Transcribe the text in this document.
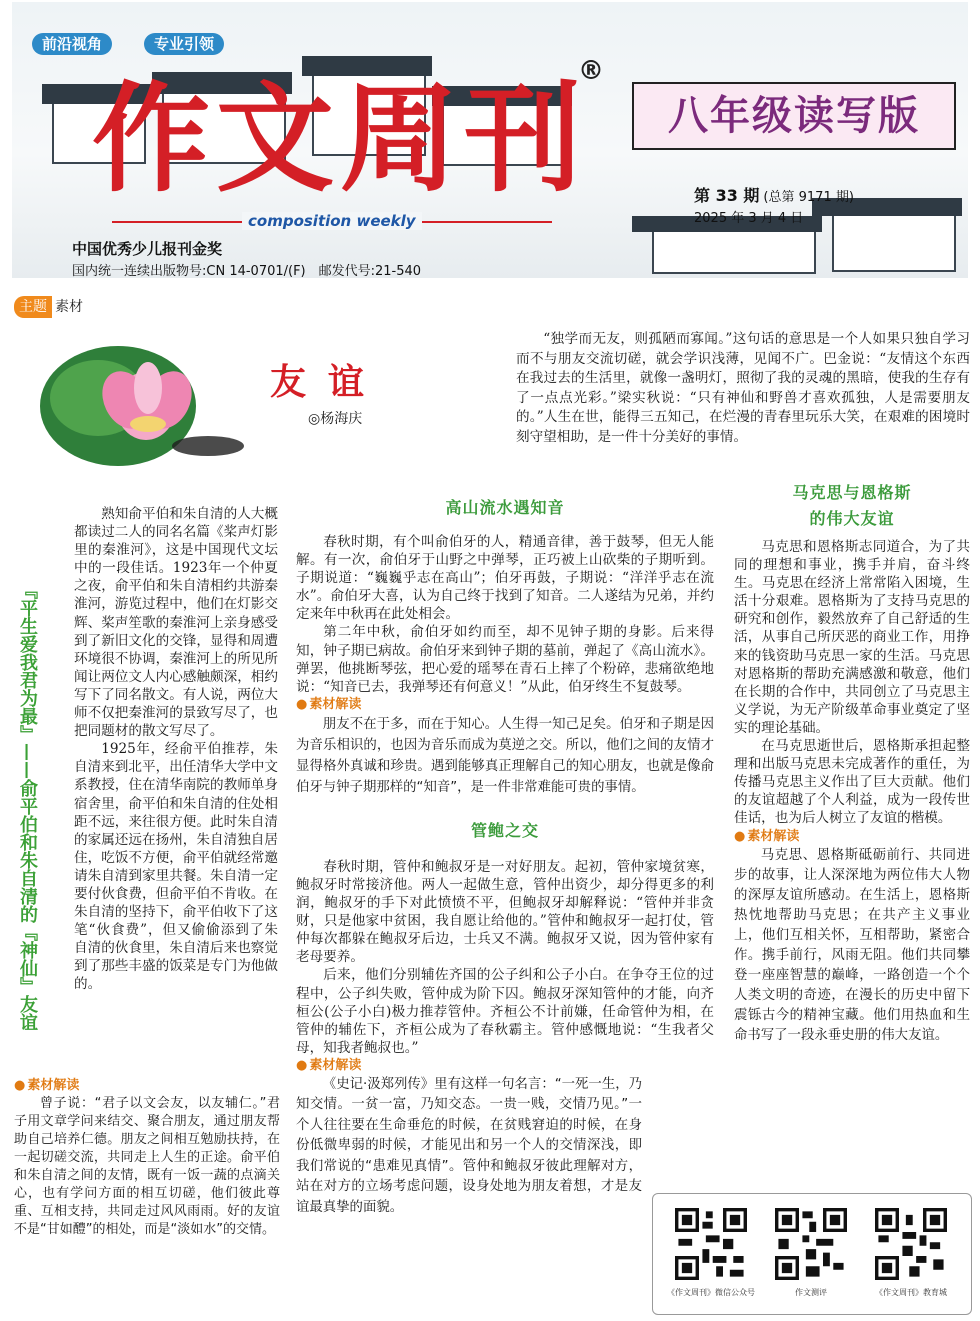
前沿视角	专业引领
作文周刊
®
composition weekly
八年级读写版
中国优秀少儿报刊金奖
国内统一连续出版物号:CN 14-0701/(F)　邮发代号:21-540
第 33 期 (总第 9171 期)
2025 年 3 月 4 日
主题 素材
友谊
◎杨海庆

“独学而无友，则孤陋而寡闻。”这句话的意思是一个人如果只独自学习而不与朋友交流切磋，就会学识浅薄，见闻不广。巴金说：“友情这个东西在我过去的生活里，就像一盏明灯，照彻了我的灵魂的黑暗，使我的生存有了一点点光彩。”梁实秋说：“只有神仙和野兽才喜欢孤独，人是需要朋友的。”人生在世，能得三五知己，在烂漫的青春里玩乐大笑，在艰难的困境时刻守望相助，是一件十分美好的事情。

『平生爱我君为最』——俞平伯和朱自清的『神仙』友谊

熟知俞平伯和朱自清的人大概都读过二人的同名名篇《桨声灯影里的秦淮河》，这是中国现代文坛中的一段佳话。1923年一个仲夏之夜，俞平伯和朱自清相约共游秦淮河，游览过程中，他们在灯影交辉、桨声笙歌的秦淮河上亲身感受到了新旧文化的交锋，显得和周遭环境很不协调，秦淮河上的所见所闻让两位文人内心感触颇深，相约写下了同名散文。有人说，两位大师不仅把秦淮河的景致写尽了，也把同题材的散文写尽了。

1925年，经俞平伯推荐，朱自清来到北平，出任清华大学中文系教授，住在清华南院的教师单身宿舍里，俞平伯和朱自清的住处相距不远，来往很方便。此时朱自清的家属还远在扬州，朱自清独自居住，吃饭不方便，俞平伯就经常邀请朱自清到家里共餐。朱自清一定要付伙食费，但俞平伯不肯收。在朱自清的坚持下，俞平伯收下了这笔“伙食费”，但又偷偷添到了朱自清的伙食里，朱自清后来也察觉到了那些丰盛的饭菜是专门为他做的。

● 素材解读

曾子说：“君子以文会友，以友辅仁。”君子用文章学问来结交、聚合朋友，通过朋友帮助自己培养仁德。朋友之间相互勉励扶持，在一起切磋交流，共同走上人生的正途。俞平伯和朱自清之间的友情，既有一饭一蔬的点滴关心，也有学问方面的相互切磋，他们彼此尊重、互相支持，共同走过风风雨雨。好的友谊不是“甘如醴”的相处，而是“淡如水”的交情。

高山流水遇知音

春秋时期，有个叫俞伯牙的人，精通音律，善于鼓琴，但无人能解。有一次，俞伯牙于山野之中弹琴，正巧被上山砍柴的子期听到。子期说道：“巍巍乎志在高山”；伯牙再鼓，子期说：“洋洋乎志在流水”。俞伯牙大喜，认为自己终于找到了知音。二人遂结为兄弟，并约定来年中秋再在此处相会。

第二年中秋，俞伯牙如约而至，却不见钟子期的身影。后来得知，钟子期已病故。俞伯牙来到钟子期的墓前，弹起了《高山流水》。弹罢，他挑断琴弦，把心爱的瑶琴在青石上摔了个粉碎，悲痛欲绝地说：“知音已去，我弹琴还有何意义！”从此，伯牙终生不复鼓琴。

● 素材解读

朋友不在于多，而在于知心。人生得一知己足矣。伯牙和子期是因为音乐相识的，也因为音乐而成为莫逆之交。所以，他们之间的友情才显得格外真诚和珍贵。遇到能够真正理解自己的知心朋友，也就是像俞伯牙与钟子期那样的“知音”，是一件非常难能可贵的事情。

管鲍之交

春秋时期，管仲和鲍叔牙是一对好朋友。起初，管仲家境贫寒，鲍叔牙时常接济他。两人一起做生意，管仲出资少，却分得更多的利润，鲍叔牙的手下对此愤愤不平，但鲍叔牙却解释说：“管仲并非贪财，只是他家中贫困，我自愿让给他的。”管仲和鲍叔牙一起打仗，管仲每次都躲在鲍叔牙后边，士兵又不满。鲍叔牙又说，因为管仲家有老母要养。

后来，他们分别辅佐齐国的公子纠和公子小白。在争夺王位的过程中，公子纠失败，管仲成为阶下囚。鲍叔牙深知管仲的才能，向齐桓公(公子小白)极力推荐管仲。齐桓公不计前嫌，任命管仲为相，在管仲的辅佐下，齐桓公成为了春秋霸主。管仲感慨地说：“生我者父母，知我者鲍叔也。”

● 素材解读

《史记·汲郑列传》里有这样一句名言：“一死一生，乃知交情。一贫一富，乃知交态。一贵一贱，交情乃见。”一个人往往要在生命垂危的时候，在贫贱窘迫的时候，在身份低微卑弱的时候，才能见出和另一个人的交情深浅，即我们常说的“患难见真情”。管仲和鲍叔牙彼此理解对方，站在对方的立场考虑问题，设身处地为朋友着想，才是友谊最真挚的面貌。

马克思与恩格斯
的伟大友谊

马克思和恩格斯志同道合，为了共同的理想和事业，携手并肩，奋斗终生。马克思在经济上常常陷入困境，生活十分艰难。恩格斯为了支持马克思的研究和创作，毅然放弃了自己舒适的生活，从事自己所厌恶的商业工作，用挣来的钱资助马克思一家的生活。马克思对恩格斯的帮助充满感激和敬意，他们在长期的合作中，共同创立了马克思主义学说，为无产阶级革命事业奠定了坚实的理论基础。

在马克思逝世后，恩格斯承担起整理和出版马克思未完成著作的重任，为传播马克思主义作出了巨大贡献。他们的友谊超越了个人利益，成为一段传世佳话，也为后人树立了友谊的楷模。

● 素材解读

马克思、恩格斯砥砺前行、共同进步的故事，让人深深地为两位伟大人物的深厚友谊所感动。在生活上，恩格斯热忱地帮助马克思；在共产主义事业上，他们互相关怀，互相帮助，紧密合作。携手前行，风雨无阻。他们共同攀登一座座智慧的巅峰，一路创造一个个人类文明的奇迹，在漫长的历史中留下震铄古今的精神宝藏。他们用热血和生命书写了一段永垂史册的伟大友谊。

《作文周刊》微信公众号	作文测评	《作文周刊》教育城
